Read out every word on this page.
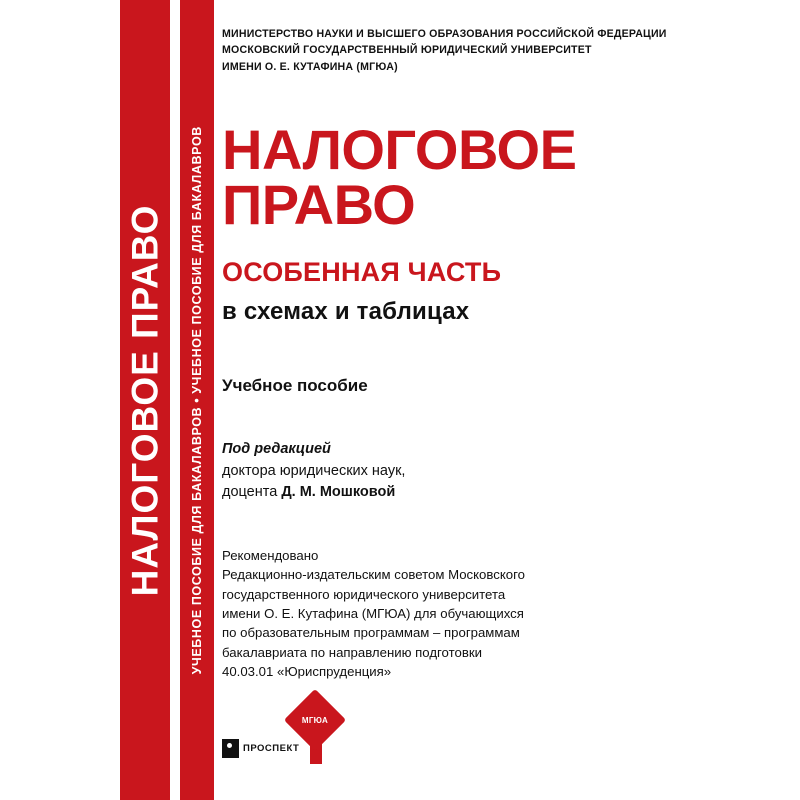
НАЛОГОВОЕ ПРАВО УЧЕБНОЕ ПОСОБИЕ ДЛЯ БАКАЛАВРОВ • УЧЕБНОЕ ПОСОБИЕ ДЛЯ БАКАЛАВРОВ
МИНИСТЕРСТВО НАУКИ И ВЫСШЕГО ОБРАЗОВАНИЯ РОССИЙСКОЙ ФЕДЕРАЦИИ
МОСКОВСКИЙ ГОСУДАРСТВЕННЫЙ ЮРИДИЧЕСКИЙ УНИВЕРСИТЕТ
ИМЕНИ О. Е. КУТАФИНА (МГЮА)
НАЛОГОВОЕ
ПРАВО
ОСОБЕННАЯ ЧАСТЬ
в схемах и таблицах
Учебное пособие
Под редакцией
доктора юридических наук,
доцента Д. М. Мошковой
Рекомендовано
Редакционно-издательским советом Московского
государственного юридического университета
имени О. Е. Кутафина (МГЮА) для обучающихся
по образовательным программам – программам
бакалавриата по направлению подготовки
40.03.01 «Юриспруденция»
ПРОСПЕКТ
МГЮА
